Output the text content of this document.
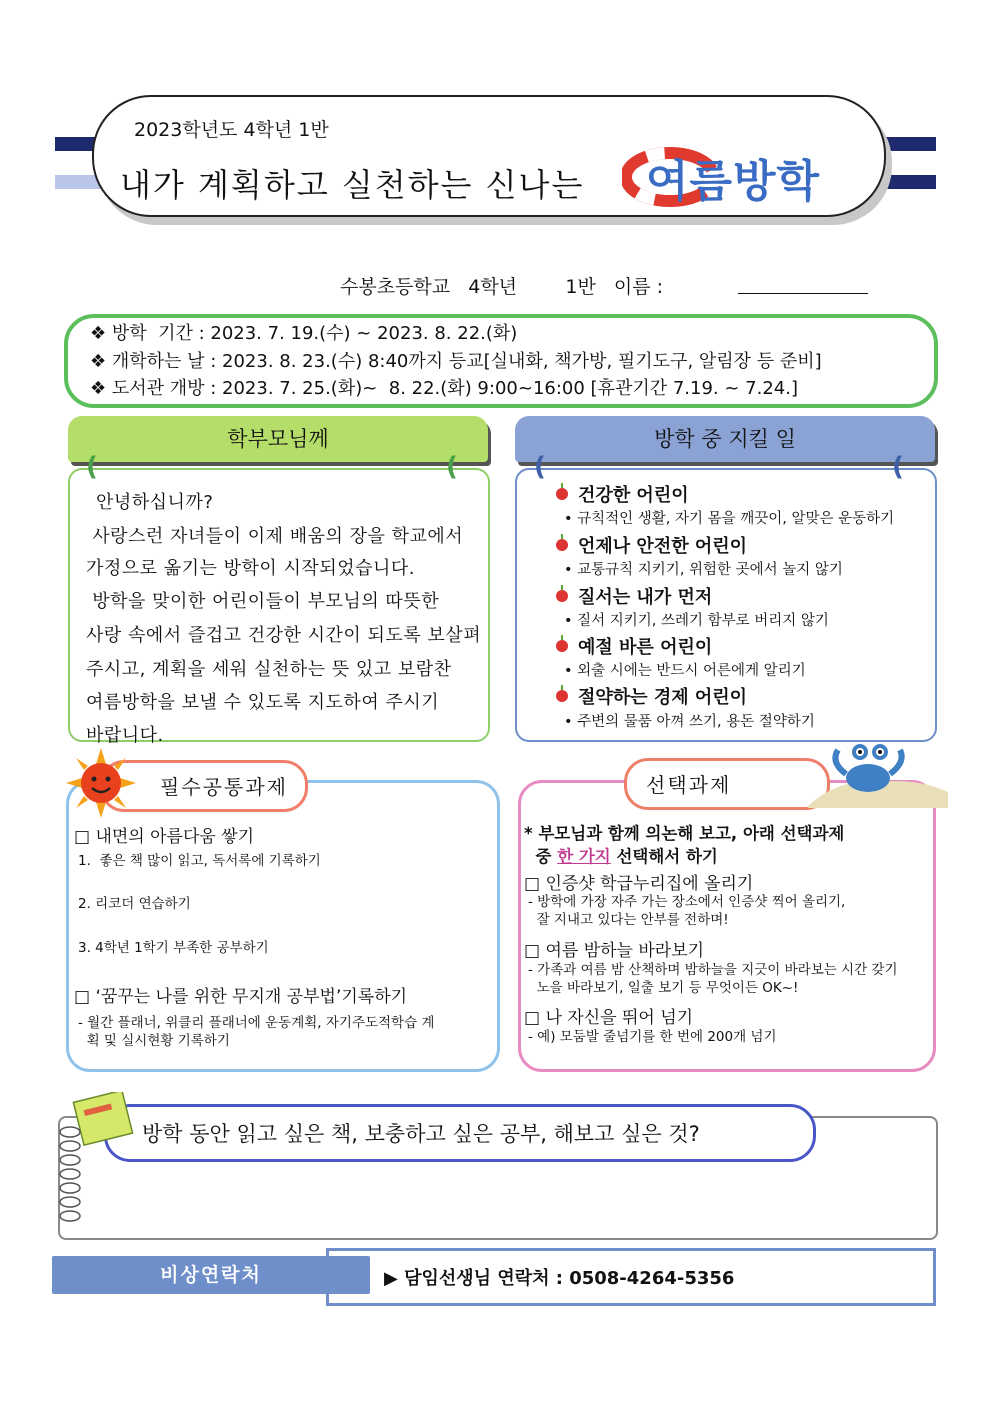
2023학년도 4학년 1반
내가 계획하고 실천하는 신나는 여름방학
수봉초등학교   4학년        1반   이름 :
❖ 방학  기간 : 2023. 7. 19.(수) ~ 2023. 8. 22.(화)
❖ 개학하는 날 : 2023. 8. 23.(수) 8:40까지 등교[실내화, 책가방, 필기도구, 알림장 등 준비]
❖ 도서관 개방 : 2023. 7. 25.(화)~  8. 22.(화) 9:00~16:00 [휴관기간 7.19. ~ 7.24.]
학부모님께
(	(
안녕하십니까?
사랑스런 자녀들이 이제 배움의 장을 학교에서
가정으로 옮기는 방학이 시작되었습니다.
방학을 맞이한 어린이들이 부모님의 따뜻한
사랑 속에서 즐겁고 건강한 시간이 되도록 보살펴
주시고, 계획을 세워 실천하는 뜻 있고 보람찬
여름방학을 보낼 수 있도록 지도하여 주시기
바랍니다.
방학 중 지킬 일
(	(
건강한 어린이
• 규칙적인 생활, 자기 몸을 깨끗이, 알맞은 운동하기
언제나 안전한 어린이
• 교통규칙 지키기, 위험한 곳에서 놀지 않기
질서는 내가 먼저
• 질서 지키기, 쓰레기 함부로 버리지 않기
예절 바른 어린이
• 외출 시에는 반드시 어른에게 알리기
절약하는 경제 어린이
• 주변의 물품 아껴 쓰기, 용돈 절약하기
필수공통과제
□ 내면의 아름다움 쌓기
1.  좋은 책 많이 읽고, 독서록에 기록하기
2. 리코더 연습하기
3. 4학년 1학기 부족한 공부하기
□ ‘꿈꾸는 나를 위한 무지개 공부법’기록하기
- 월간 플래너, 위클리 플래너에 운동계획, 자기주도적학습 계
획 및 실시현황 기록하기
선택과제
* 부모님과 함께 의논해 보고, 아래 선택과제
중 한 가지 선택해서 하기
□ 인증샷 학급누리집에 올리기
- 방학에 가장 자주 가는 장소에서 인증샷 찍어 올리기,
잘 지내고 있다는 안부를 전하며!
□ 여름 밤하늘 바라보기
- 가족과 여름 밤 산책하며 밤하늘을 지긋이 바라보는 시간 갖기
노을 바라보기, 일출 보기 등 무엇이든 OK~!
□ 나 자신을 뛰어 넘기
- 예) 모둠발 줄넘기를 한 번에 200개 넘기
방학 동안 읽고 싶은 책, 보충하고 싶은 공부, 해보고 싶은 것?
비상연락처	▶ 담임선생님 연락처 : 0508-4264-5356
